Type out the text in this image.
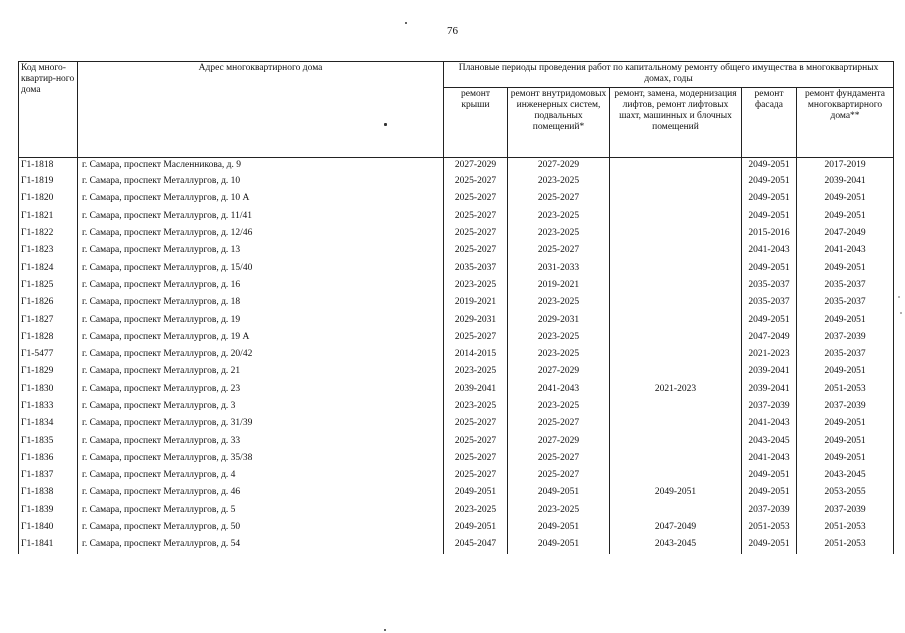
76
Код много-квартир-ного дома	Адрес многоквартирного дома	Плановые периоды проведения работ по капитальному ремонту общего имущества в многоквартирных домах, годы				
		ремонт крыши	ремонт внутридомовых инженерных систем, подвальных помещений*	ремонт, замена, модернизация лифтов, ремонт лифтовых шахт, машинных и блочных помещений	ремонт фасада	ремонт фундамента многоквартирного дома**
Г1-1818	г. Самара, проспект Масленникова, д. 9	2027-2029	2027-2029		2049-2051	2017-2019
Г1-1819	г. Самара, проспект Металлургов, д. 10	2025-2027	2023-2025		2049-2051	2039-2041
Г1-1820	г. Самара, проспект Металлургов, д. 10 А	2025-2027	2025-2027		2049-2051	2049-2051
Г1-1821	г. Самара, проспект Металлургов, д. 11/41	2025-2027	2023-2025		2049-2051	2049-2051
Г1-1822	г. Самара, проспект Металлургов, д. 12/46	2025-2027	2023-2025		2015-2016	2047-2049
Г1-1823	г. Самара, проспект Металлургов, д. 13	2025-2027	2025-2027		2041-2043	2041-2043
Г1-1824	г. Самара, проспект Металлургов, д. 15/40	2035-2037	2031-2033		2049-2051	2049-2051
Г1-1825	г. Самара, проспект Металлургов, д. 16	2023-2025	2019-2021		2035-2037	2035-2037
Г1-1826	г. Самара, проспект Металлургов, д. 18	2019-2021	2023-2025		2035-2037	2035-2037
Г1-1827	г. Самара, проспект Металлургов, д. 19	2029-2031	2029-2031		2049-2051	2049-2051
Г1-1828	г. Самара, проспект Металлургов, д. 19 А	2025-2027	2023-2025		2047-2049	2037-2039
Г1-5477	г. Самара, проспект Металлургов, д. 20/42	2014-2015	2023-2025		2021-2023	2035-2037
Г1-1829	г. Самара, проспект Металлургов, д. 21	2023-2025	2027-2029		2039-2041	2049-2051
Г1-1830	г. Самара, проспект Металлургов, д. 23	2039-2041	2041-2043	2021-2023	2039-2041	2051-2053
Г1-1833	г. Самара, проспект Металлургов, д. 3	2023-2025	2023-2025		2037-2039	2037-2039
Г1-1834	г. Самара, проспект Металлургов, д. 31/39	2025-2027	2025-2027		2041-2043	2049-2051
Г1-1835	г. Самара, проспект Металлургов, д. 33	2025-2027	2027-2029		2043-2045	2049-2051
Г1-1836	г. Самара, проспект Металлургов, д. 35/38	2025-2027	2025-2027		2041-2043	2049-2051
Г1-1837	г. Самара, проспект Металлургов, д. 4	2025-2027	2025-2027		2049-2051	2043-2045
Г1-1838	г. Самара, проспект Металлургов, д. 46	2049-2051	2049-2051	2049-2051	2049-2051	2053-2055
Г1-1839	г. Самара, проспект Металлургов, д. 5	2023-2025	2023-2025		2037-2039	2037-2039
Г1-1840	г. Самара, проспект Металлургов, д. 50	2049-2051	2049-2051	2047-2049	2051-2053	2051-2053
Г1-1841	г. Самара, проспект Металлургов, д. 54	2045-2047	2049-2051	2043-2045	2049-2051	2051-2053
